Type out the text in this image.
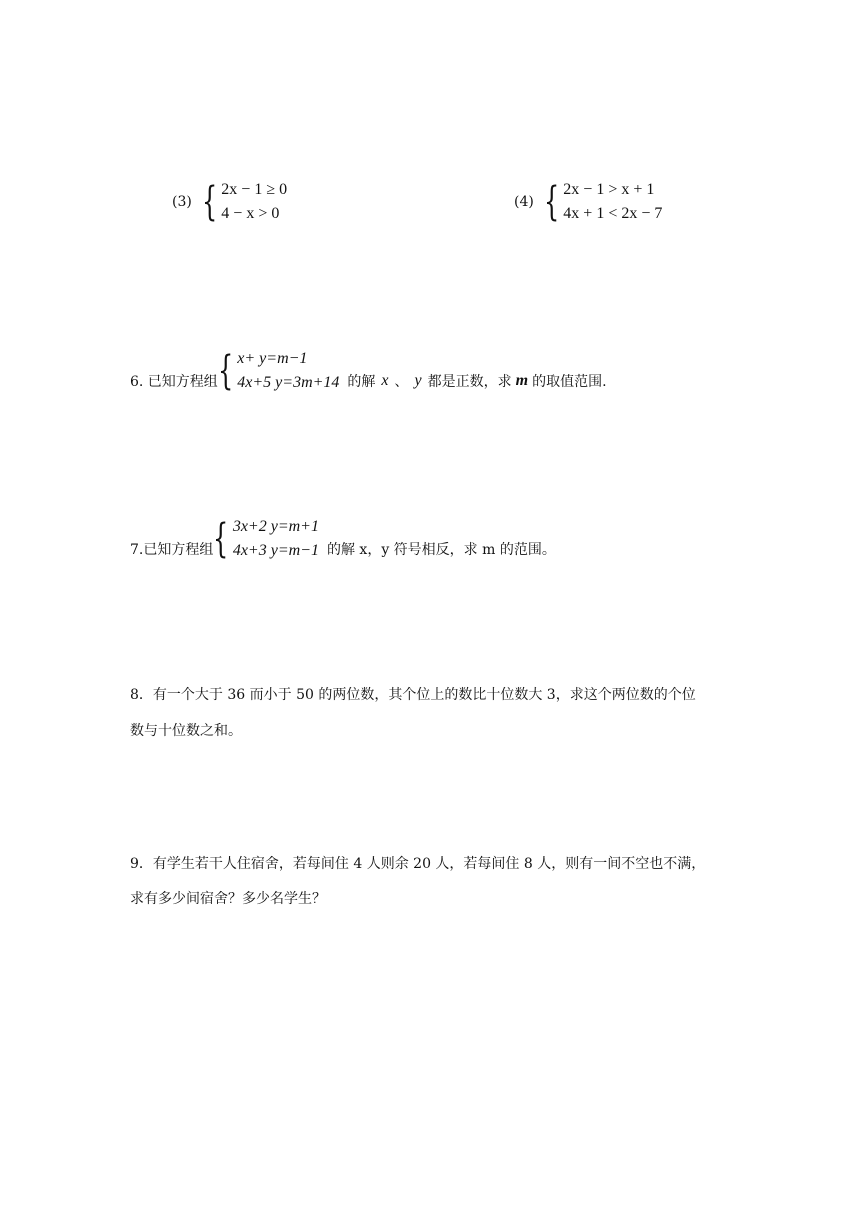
(3) { 2x − 1 ≥ 0
4 − x > 0
(4) { 2x − 1 > x + 1
4x + 1 < 2x − 7
6. 已知方程组 { x+ y=m−1
4x+5 y=3m+14 的解 x 、 y 都是正数，求 m 的取值范围.
7.已知方程组 { 3x+2 y=m+1
4x+3 y=m−1 的解 x，y 符号相反，求 m 的范围。
8．有一个大于 36 而小于 50 的两位数，其个位上的数比十位数大 3，求这个两位数的个位
数与十位数之和。
9．有学生若干人住宿舍，若每间住 4 人则余 20 人，若每间住 8 人，则有一间不空也不满，
求有多少间宿舍？多少名学生？
